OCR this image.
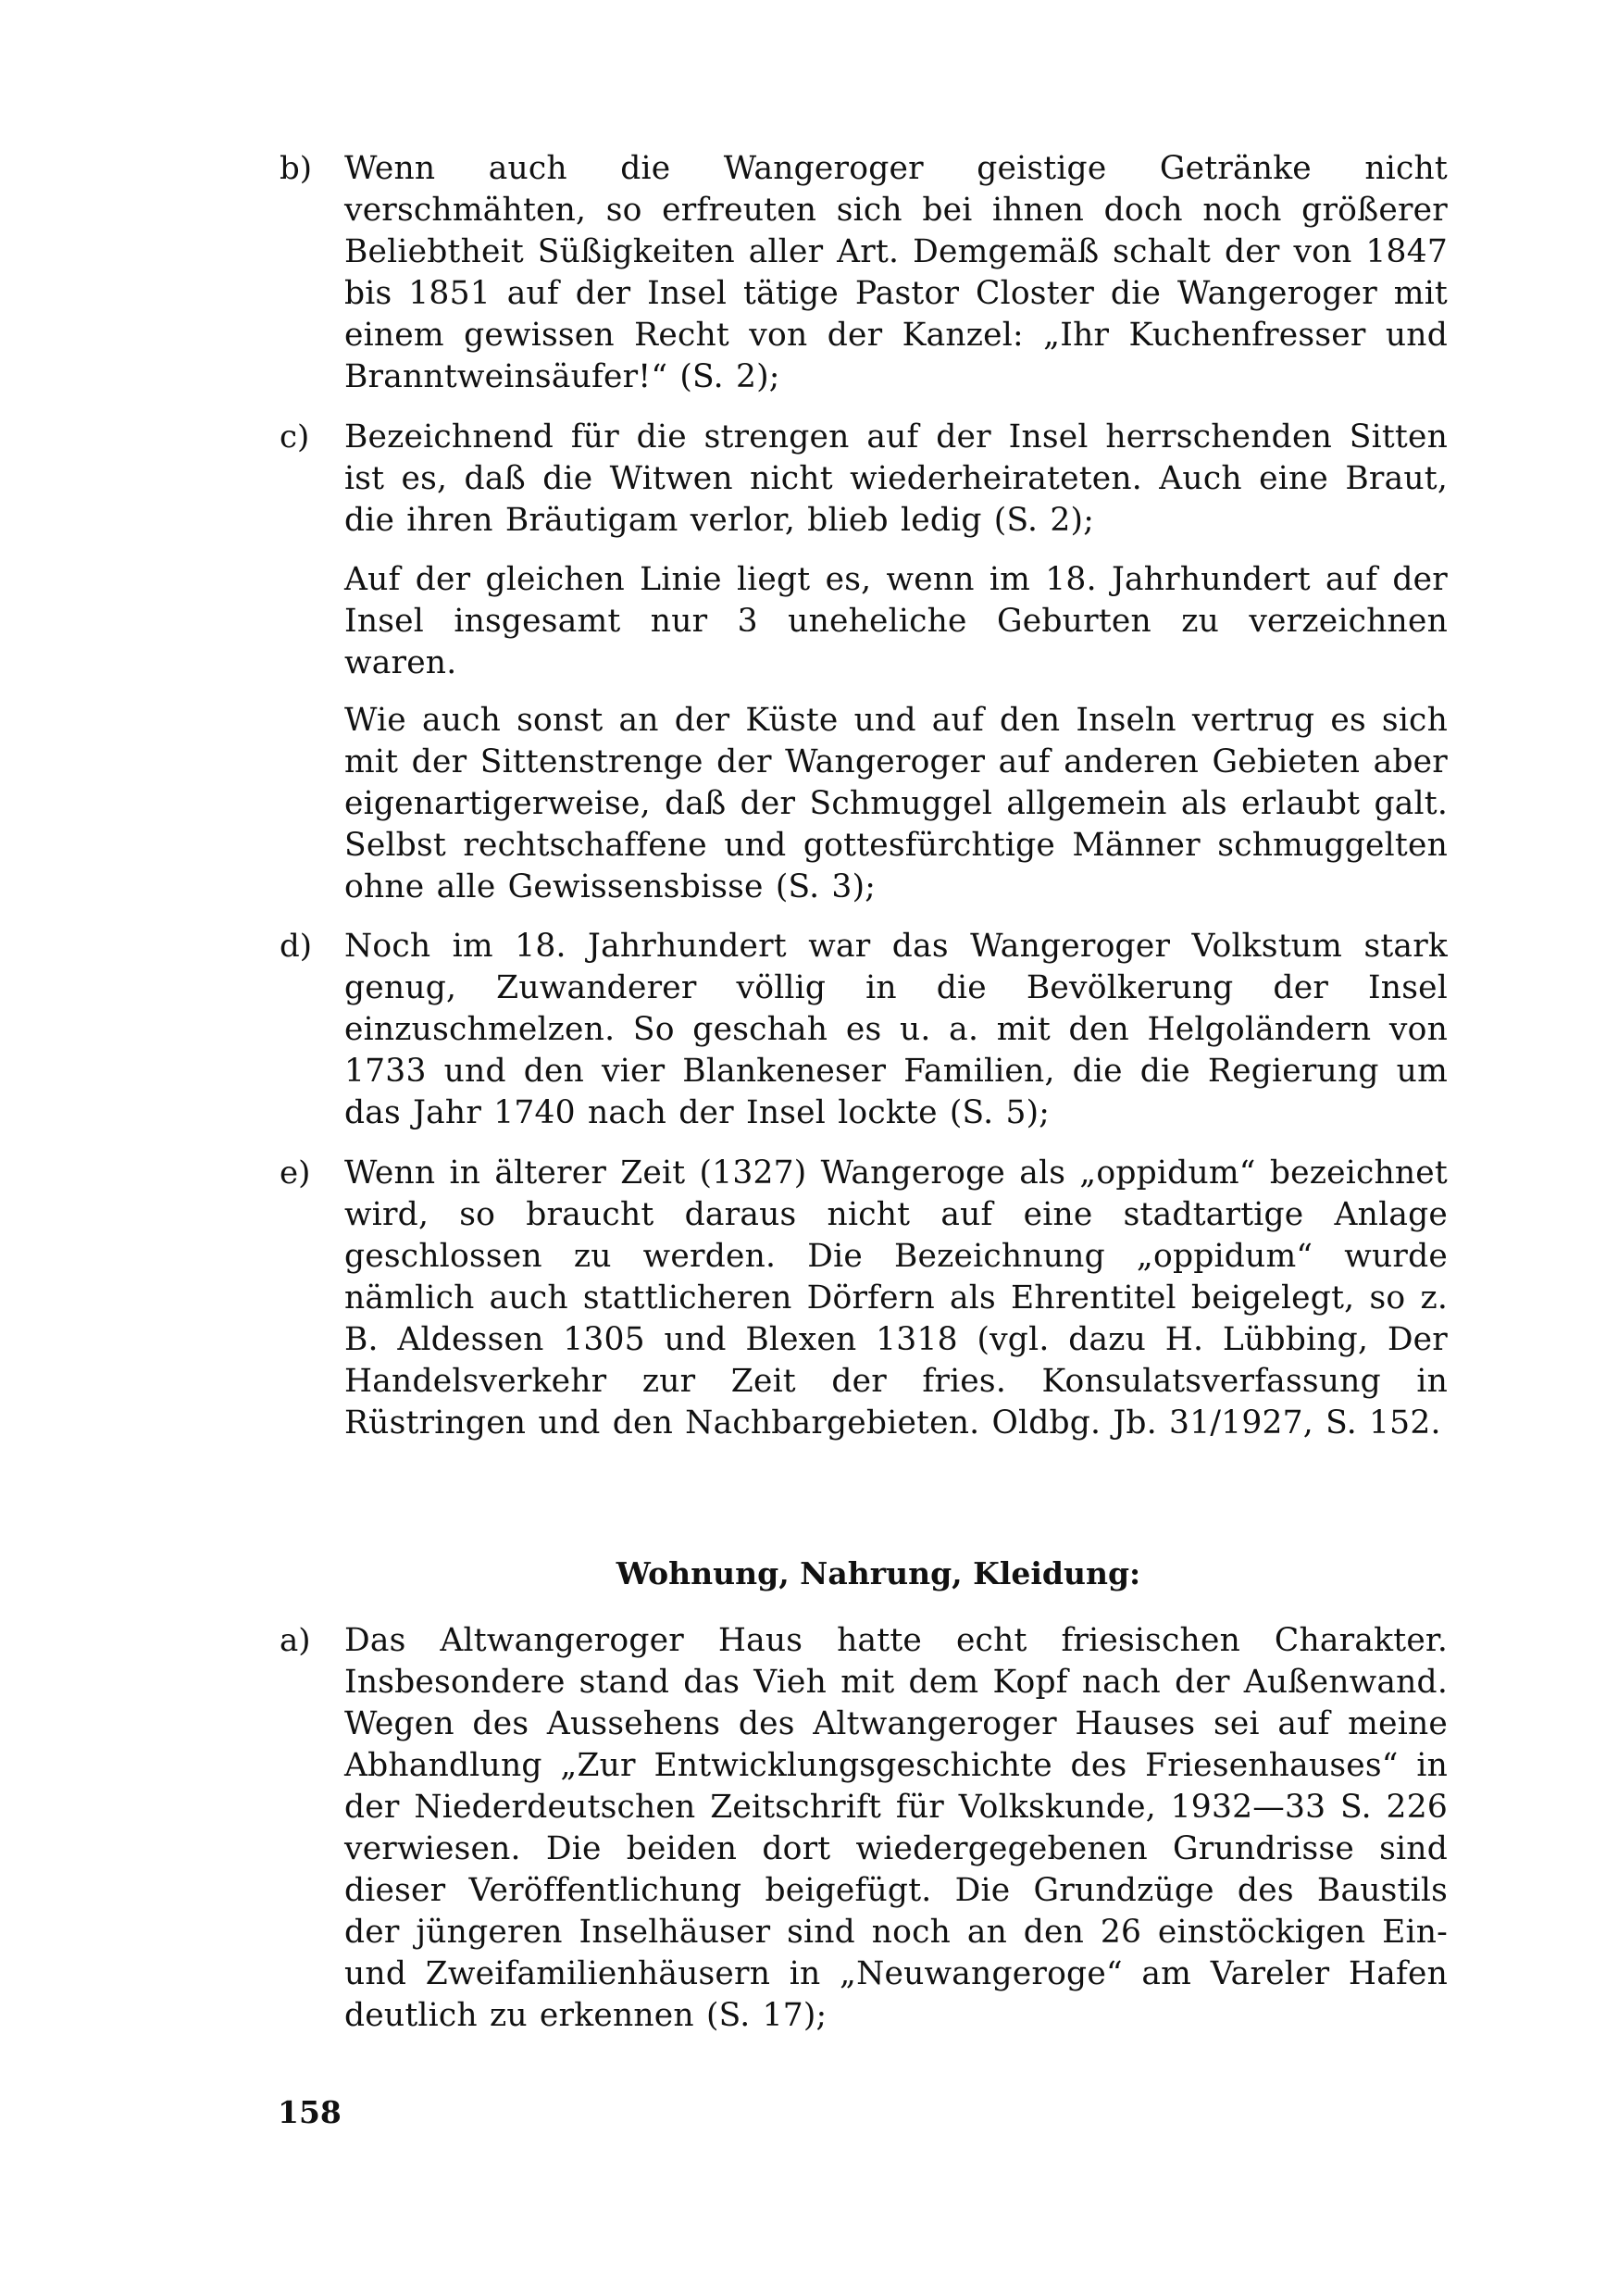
b)	Wenn auch die Wangeroger geistige Getränke nicht verschmähten, so erfreuten sich bei ihnen doch noch größerer Beliebtheit Süßigkeiten aller Art. Demgemäß schalt der von 1847 bis 1851 auf der Insel tätige Pastor Closter die Wangeroger mit einem gewissen Recht von der Kanzel: „Ihr Kuchenfresser und Branntweinsäufer!“ (S. 2);
c)	Bezeichnend für die strengen auf der Insel herrschenden Sitten ist es, daß die Witwen nicht wiederheirateten. Auch eine Braut, die ihren Bräutigam verlor, blieb ledig (S. 2);
Auf der gleichen Linie liegt es, wenn im 18. Jahrhundert auf der Insel insgesamt nur 3 uneheliche Geburten zu verzeichnen waren.
Wie auch sonst an der Küste und auf den Inseln vertrug es sich mit der Sittenstrenge der Wangeroger auf anderen Gebieten aber eigenartigerweise, daß der Schmuggel allgemein als erlaubt galt. Selbst rechtschaffene und gottesfürchtige Männer schmuggelten ohne alle Gewissensbisse (S. 3);
d)	Noch im 18. Jahrhundert war das Wangeroger Volkstum stark genug, Zuwanderer völlig in die Bevölkerung der Insel einzuschmelzen. So geschah es u. a. mit den Helgoländern von 1733 und den vier Blankeneser Familien, die die Regierung um das Jahr 1740 nach der Insel lockte (S. 5);
e)	Wenn in älterer Zeit (1327) Wangeroge als „oppidum“ bezeichnet wird, so braucht daraus nicht auf eine stadtartige Anlage geschlossen zu werden. Die Bezeichnung „oppidum“ wurde nämlich auch stattlicheren Dörfern als Ehrentitel beigelegt, so z. B. Aldessen 1305 und Blexen 1318 (vgl. dazu H. Lübbing, Der Handelsverkehr zur Zeit der fries. Konsulatsverfassung in Rüstringen und den Nachbargebieten. Oldbg. Jb. 31/1927, S. 152.
Wohnung, Nahrung, Kleidung:
a)	Das Altwangeroger Haus hatte echt friesischen Charakter. Insbesondere stand das Vieh mit dem Kopf nach der Außenwand. Wegen des Aussehens des Altwangeroger Hauses sei auf meine Abhandlung „Zur Entwicklungsgeschichte des Friesenhauses“ in der Niederdeutschen Zeitschrift für Volkskunde, 1932—33 S. 226 verwiesen. Die beiden dort wiedergegebenen Grundrisse sind dieser Veröffentlichung beigefügt. Die Grundzüge des Baustils der jüngeren Inselhäuser sind noch an den 26 einstöckigen Ein- und Zweifamilienhäusern in „Neuwangeroge“ am Vareler Hafen deutlich zu erkennen (S. 17);
158
